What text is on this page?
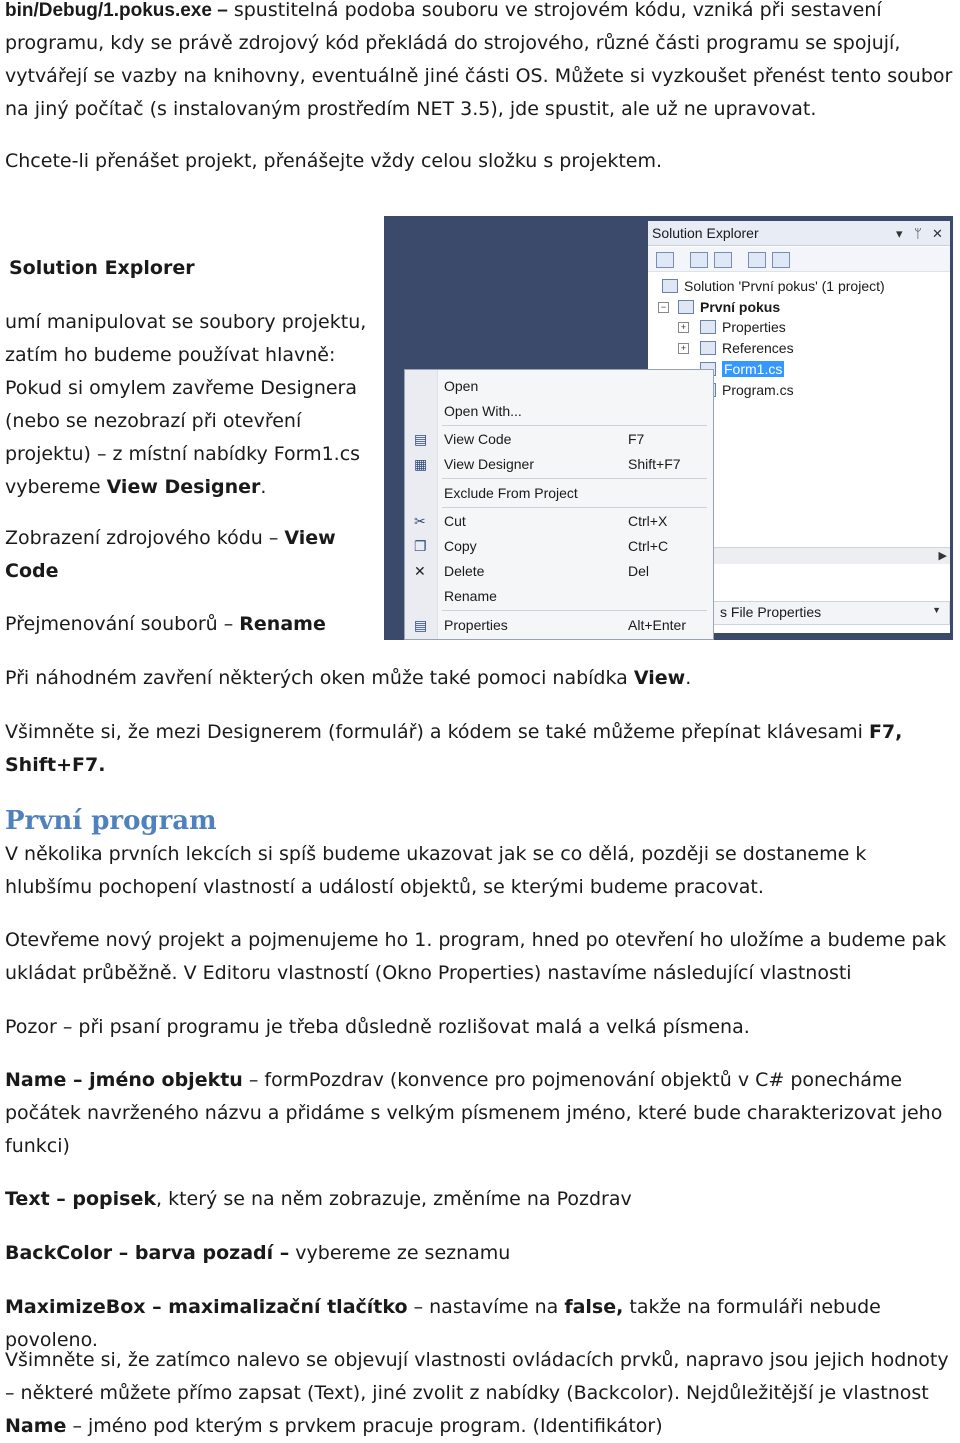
bin/Debug/1.pokus.exe – spustitelná podoba souboru ve strojovém kódu, vzniká při sestavení programu, kdy se právě zdrojový kód překládá do strojového, různé části programu se spojují, vytvářejí se vazby na knihovny, eventuálně jiné části OS. Můžete si vyzkoušet přenést tento soubor na jiný počítač (s instalovaným prostředím NET 3.5), jde spustit, ale už ne upravovat.

Chcete-li přenášet projekt, přenášejte vždy celou složku s projektem.

Solution Explorer

umí manipulovat se soubory projektu, zatím ho budeme používat hlavně: Pokud si omylem zavřeme Designera (nebo se nezobrazí při otevření projektu) – z místní nabídky Form1.cs vybereme View Designer.

Zobrazení zdrojového kódu – View Code

Přejmenování souborů – Rename

Solution Explorer	▾ ᛘ ✕
Solution 'První pokus' (1 project)
− První pokus
+	Properties
+	References
Form1.cs
Program.cs
▶
s File Properties	▼
Open
Open With...
▤ View Code	F7
▦ View Designer	Shift+F7
Exclude From Project
✂ Cut	Ctrl+X
❐ Copy	Ctrl+C
✕ Delete	Del
Rename
▤ Properties	Alt+Enter

Při náhodném zavření některých oken může také pomoci nabídka View.

Všimněte si, že mezi Designerem (formulář) a kódem se také můžeme přepínat klávesami F7, Shift+F7.

První program

V několika prvních lekcích si spíš budeme ukazovat jak se co dělá, později se dostaneme k hlubšímu pochopení vlastností a událostí objektů, se kterými budeme pracovat.

Otevřeme nový projekt a pojmenujeme ho 1. program, hned po otevření ho uložíme a budeme pak ukládat průběžně. V Editoru vlastností (Okno Properties) nastavíme následující vlastnosti

Pozor – při psaní programu je třeba důsledně rozlišovat malá a velká písmena.

Name – jméno objektu – formPozdrav (konvence pro pojmenování objektů v C# ponecháme počátek navrženého názvu a přidáme s velkým písmenem jméno, které bude charakterizovat jeho funkci)

Text – popisek, který se na něm zobrazuje, změníme na Pozdrav

BackColor – barva pozadí – vybereme ze seznamu

MaximizeBox – maximalizační tlačítko – nastavíme na false, takže na formuláři nebude povoleno.

Všimněte si, že zatímco nalevo se objevují vlastnosti ovládacích prvků, napravo jsou jejich hodnoty – některé můžete přímo zapsat (Text), jiné zvolit z nabídky (Backcolor). Nejdůležitější je vlastnost Name – jméno pod kterým s prvkem pracuje program. (Identifikátor)
